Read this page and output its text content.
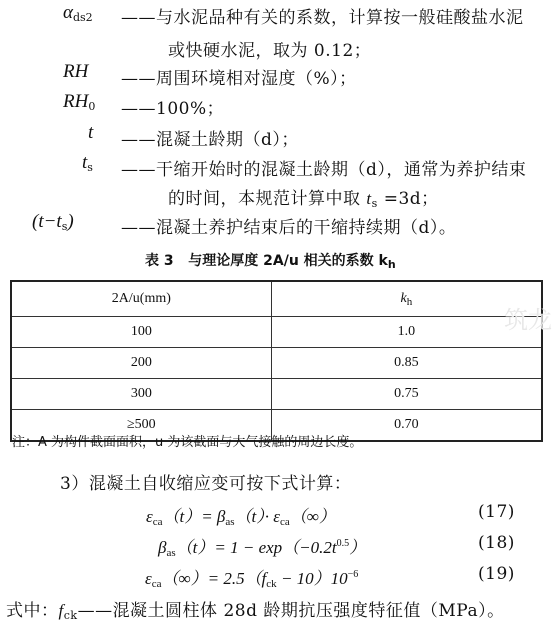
$\alpha_{ds2}$ ——与水泥品种有关的系数，计算按一般硅酸盐水泥
或快硬水泥，取为 0.12；
RH ——周围环境相对湿度（%）；
$RH_0$ ——100%；
t ——混凝土龄期（d）；
$t_s$ ——干缩开始时的混凝土龄期（d），通常为养护结束
的时间，本规范计算中取 $t_s =3d$；
$(t-t_s)$	——混凝土养护结束后的干缩持续期（d）。
表 3 与理论厚度 2A/u 相关的系数 $k_h$
2A/u(mm)	$k_h$
100	1.0
200	0.85
300	0.75
≥500	0.70
注：A 为构件截面面积，u 为该截面与大气接触的周边长度。
3）混凝土自收缩应变可按下式计算：
$\varepsilon_{ca}(t)= \beta_{as}(t)\cdot \varepsilon_{ca}(\infty)$	(17)
$\beta_{as}(t)= 1 - \exp(-0.2t^{0.5})$	(18)
$\varepsilon_{ca}(\infty)= 2.5(f_{ck} - 10)10^{-6}$	(19)
式中：$f_{ck}——$混凝土圆柱体 28d 龄期抗压强度特征值（MPa）。
筑龙
